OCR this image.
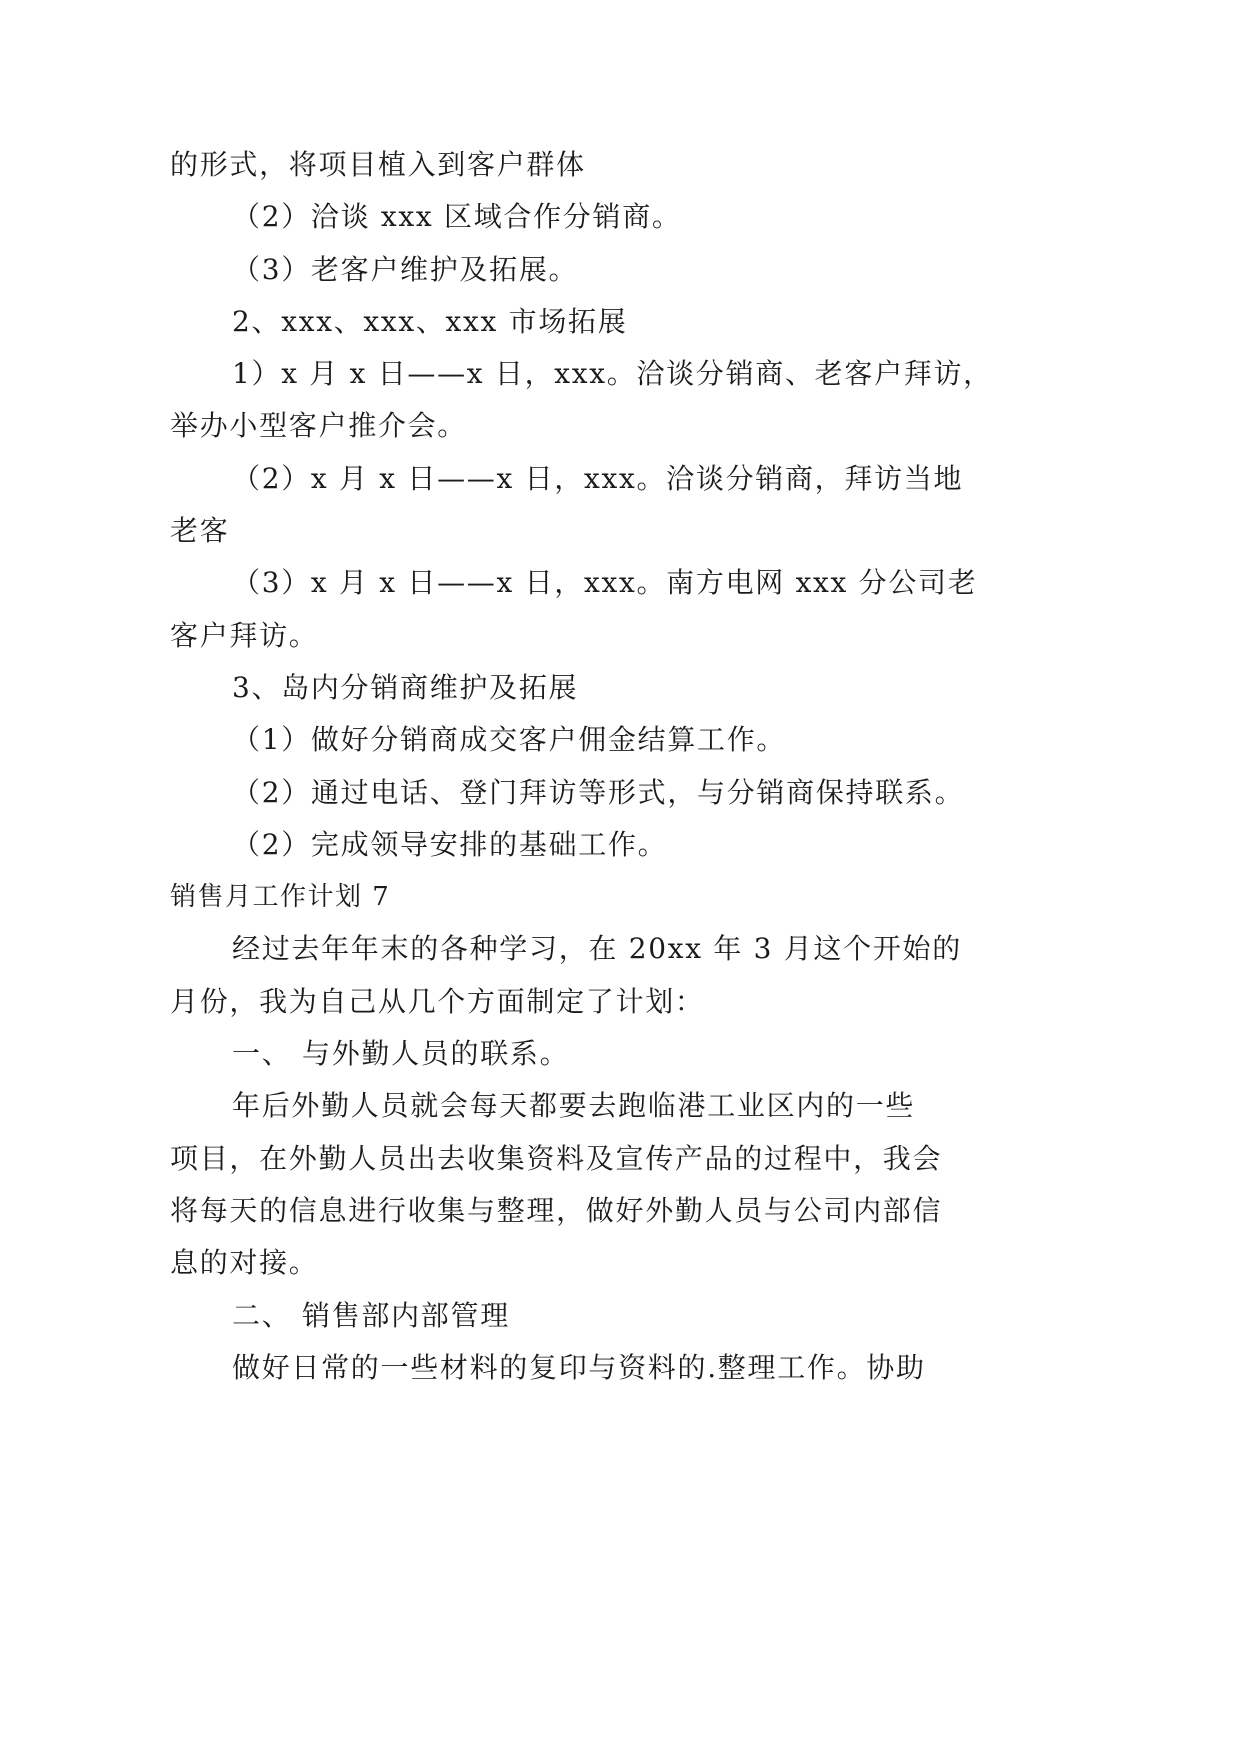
的形式，将项目植入到客户群体
（2）洽谈 xxx 区域合作分销商。
（3）老客户维护及拓展。
2、xxx、xxx、xxx 市场拓展
1）x 月 x 日——x 日，xxx。洽谈分销商、老客户拜访，
举办小型客户推介会。
（2）x 月 x 日——x 日，xxx。洽谈分销商，拜访当地
老客
（3）x 月 x 日——x 日，xxx。南方电网 xxx 分公司老
客户拜访。
3、岛内分销商维护及拓展
（1）做好分销商成交客户佣金结算工作。
（2）通过电话、登门拜访等形式，与分销商保持联系。
（2）完成领导安排的基础工作。
销售月工作计划 7
经过去年年末的各种学习，在 20xx 年 3 月这个开始的
月份，我为自己从几个方面制定了计划：
一、 与外勤人员的联系。
年后外勤人员就会每天都要去跑临港工业区内的一些
项目，在外勤人员出去收集资料及宣传产品的过程中，我会
将每天的信息进行收集与整理，做好外勤人员与公司内部信
息的对接。
二、 销售部内部管理
做好日常的一些材料的复印与资料的.整理工作。协助
